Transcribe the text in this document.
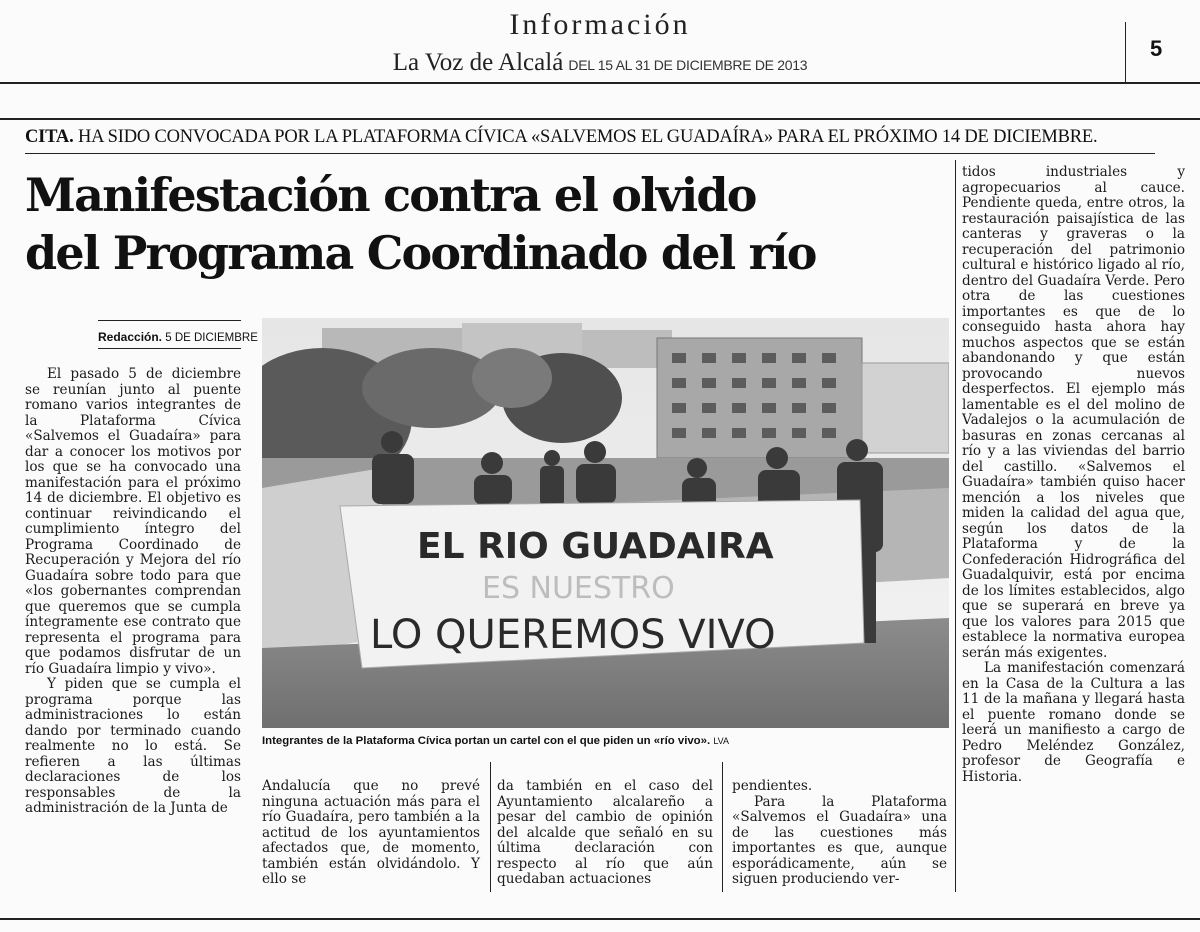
Información
La Voz de Alcalá DEL 15 AL 31 DE DICIEMBRE DE 2013
5
CITA. HA SIDO CONVOCADA POR LA PLATAFORMA CÍVICA «SALVEMOS EL GUADAÍRA» PARA EL PRÓXIMO 14 DE DICIEMBRE.
Manifestación contra el olvido
del Programa Coordinado del río
Redacción. 5 DE DICIEMBRE

El pasado 5 de diciembre se reunían junto al puente romano varios integrantes de la Plataforma Cívica «Salvemos el Guadaíra» para dar a conocer los motivos por los que se ha convocado una manifestación para el próximo 14 de diciembre. El objetivo es continuar reivindicando el cumplimiento íntegro del Programa Coordinado de Recuperación y Mejora del río Guadaíra sobre todo para que «los gobernantes comprendan que queremos que se cumpla íntegramente ese contrato que representa el programa para que podamos disfrutar de un río Guadaíra limpio y vivo».

Y piden que se cumpla el programa porque las administraciones lo están dando por terminado cuando realmente no lo está. Se refieren a las últimas declaraciones de los responsables de la administración de la Junta de

EL RIO GUADAIRA
ES NUESTRO
LO QUEREMOS VIVO
Integrantes de la Plataforma Cívica portan un cartel con el que piden un «río vivo». LVA

Andalucía que no prevé ninguna actuación más para el río Guadaíra, pero también a la actitud de los ayuntamientos afectados que, de momento, también están olvidándolo. Y ello se

da también en el caso del Ayuntamiento alcalareño a pesar del cambio de opinión del alcalde que señaló en su última declaración con respecto al río que aún quedaban actuaciones

pendientes.

Para la Plataforma «Salvemos el Guadaíra» una de las cuestiones más importantes es que, aunque esporádicamente, aún se siguen produciendo ver-

tidos industriales y agropecuarios al cauce. Pendiente queda, entre otros, la restauración paisajística de las canteras y graveras o la recuperación del patrimonio cultural e histórico ligado al río, dentro del Guadaíra Verde. Pero otra de las cuestiones importantes es que de lo conseguido hasta ahora hay muchos aspectos que se están abandonando y que están provocando nuevos desperfectos. El ejemplo más lamentable es el del molino de Vadalejos o la acumulación de basuras en zonas cercanas al río y a las viviendas del barrio del castillo. «Salvemos el Guadaíra» también quiso hacer mención a los niveles que miden la calidad del agua que, según los datos de la Plataforma y de la Confederación Hidrográfica del Guadalquivir, está por encima de los límites establecidos, algo que se superará en breve ya que los valores para 2015 que establece la normativa europea serán más exigentes.

La manifestación comenzará en la Casa de la Cultura a las 11 de la mañana y llegará hasta el puente romano donde se leerá un manifiesto a cargo de Pedro Meléndez González, profesor de Geografía e Historia.
